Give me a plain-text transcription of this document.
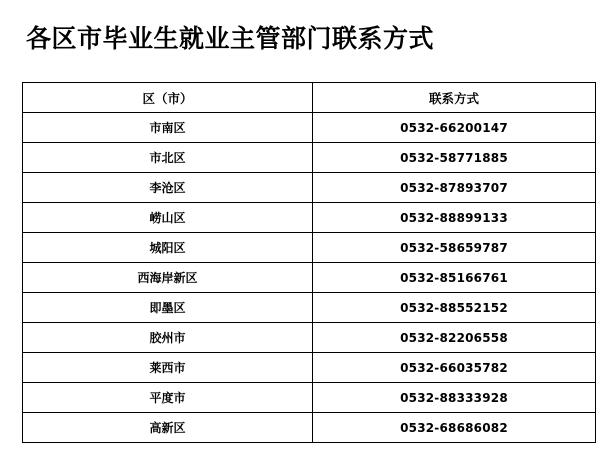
各区市毕业生就业主管部门联系方式
区（市）	联系方式
市南区	0532-66200147
市北区	0532-58771885
李沧区	0532-87893707
崂山区	0532-88899133
城阳区	0532-58659787
西海岸新区	0532-85166761
即墨区	0532-88552152
胶州市	0532-82206558
莱西市	0532-66035782
平度市	0532-88333928
高新区	0532-68686082
